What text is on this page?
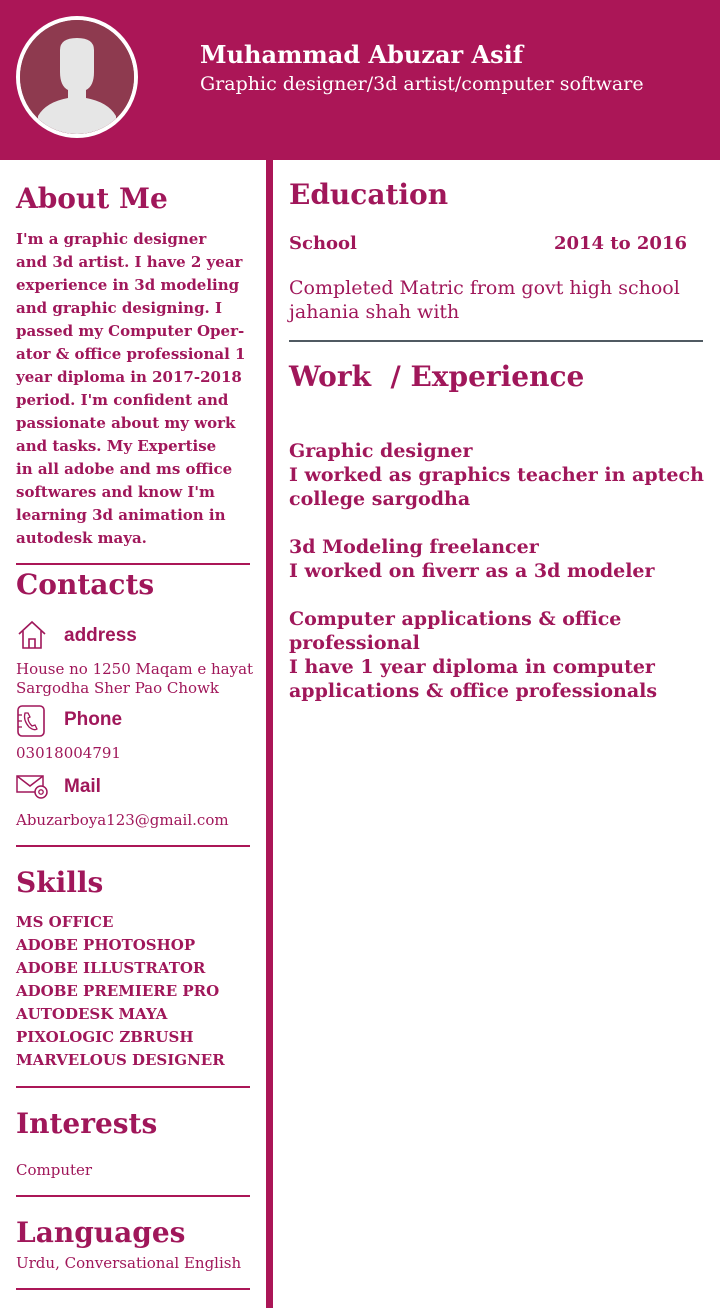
Muhammad Abuzar Asif
Graphic designer/3d artist/computer software
About Me
I'm a graphic designer
and 3d artist. I have 2 year
experience in 3d modeling
and graphic designing. I
passed my Computer Oper-
ator & office professional 1
year diploma in 2017-2018
period. I'm confident and
passionate about my work
and tasks. My Expertise
in all adobe and ms office
softwares and know I'm
learning 3d animation in
autodesk maya.
Contacts
address
House no 1250 Maqam e hayat
Sargodha Sher Pao Chowk
Phone
03018004791
Mail
Abuzarboya123@gmail.com
Skills
MS OFFICE
ADOBE PHOTOSHOP
ADOBE ILLUSTRATOR
ADOBE PREMIERE PRO
AUTODESK MAYA
PIXOLOGIC ZBRUSH
MARVELOUS DESIGNER
Interests
Computer
Languages
Urdu, Conversational English
Education
School	2014 to 2016
Completed Matric from govt high school jahania shah with
Work  / Experience
Graphic designer
I worked as graphics teacher in aptech college sargodha
3d Modeling freelancer
I worked on fiverr as a 3d modeler
Computer applications & office professional
I have 1 year diploma in computer applications & office professionals
